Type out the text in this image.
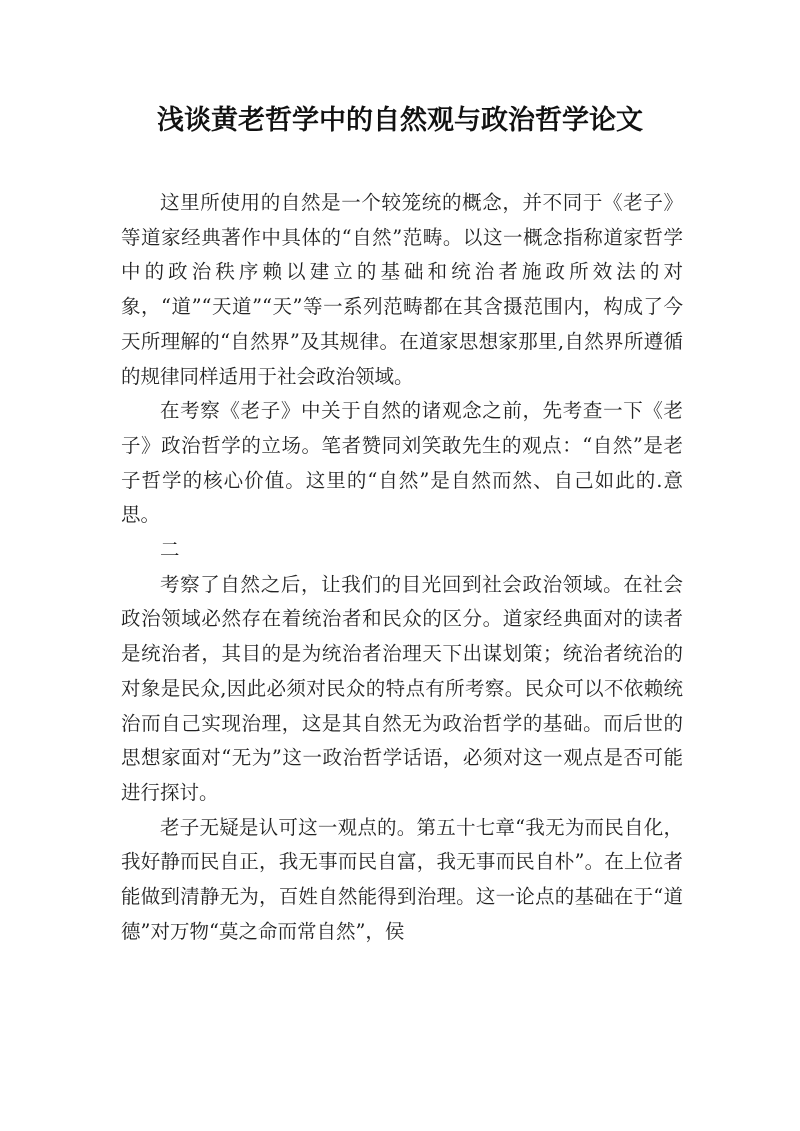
浅谈黄老哲学中的自然观与政治哲学论文

这里所使用的自然是一个较笼统的概念，并不同于《老子》等道家经典著作中具体的“自然”范畴。以这一概念指称道家哲学中的政治秩序赖以建立的基础和统治者施政所效法的对象，“道”“天道”“天”等一系列范畴都在其含摄范围内，构成了今天所理解的“自然界”及其规律。在道家思想家那里,自然界所遵循的规律同样适用于社会政治领域。

在考察《老子》中关于自然的诸观念之前，先考查一下《老子》政治哲学的立场。笔者赞同刘笑敢先生的观点：“自然”是老子哲学的核心价值。这里的“自然”是自然而然、自己如此的.意思。

二

考察了自然之后，让我们的目光回到社会政治领域。在社会政治领域必然存在着统治者和民众的区分。道家经典面对的读者是统治者，其目的是为统治者治理天下出谋划策；统治者统治的对象是民众,因此必须对民众的特点有所考察。民众可以不依赖统治而自己实现治理，这是其自然无为政治哲学的基础。而后世的思想家面对“无为”这一政治哲学话语，必须对这一观点是否可能进行探讨。

老子无疑是认可这一观点的。第五十七章“我无为而民自化，我好静而民自正，我无事而民自富，我无事而民自朴”。在上位者能做到清静无为，百姓自然能得到治理。这一论点的基础在于“道德”对万物“莫之命而常自然”，侯
